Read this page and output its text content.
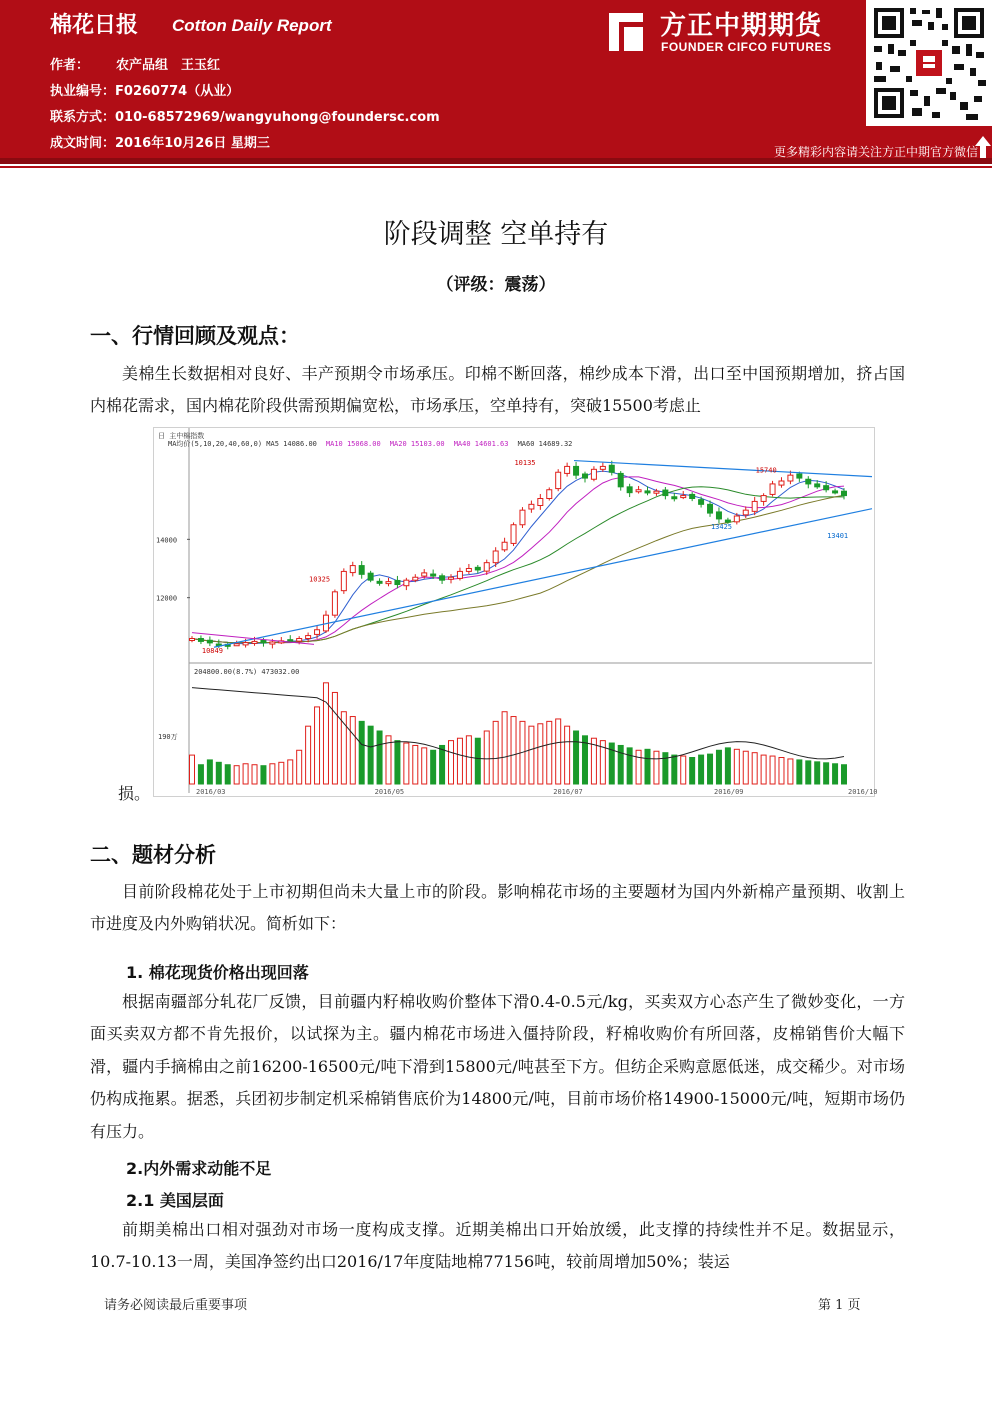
棉花日报 Cotton Daily Report
作者： 农产品组　王玉红
执业编号：F0260774（从业）
联系方式：010-68572969/wangyuhong@foundersc.com
成文时间：2016年10月26日 星期三
方正中期期货
FOUNDER CIFCO FUTURES
更多精彩内容请关注方正中期官方微信
阶段调整 空单持有
（评级：震荡）
一、行情回顾及观点：
美棉生长数据相对良好、丰产预期令市场承压。印棉不断回落，棉纱成本下滑，出口至中国预期增加，挤占国内棉花需求，国内棉花阶段供需预期偏宽松，市场承压，空单持有，突破15500考虑止
日 主中棉指数
MA均价(5,10,20,40,60,0) MA5 14086.00 MA10 15068.00 MA20 15103.00 MA40 14601.63 MA60 14689.32
204800.00(8.7%) 473032.00
14000
12000
190万
10325
10135
15740
13425
13401
10849
2016/03	2016/05	2016/07	2016/09	2016/10
损。
二、题材分析
目前阶段棉花处于上市初期但尚未大量上市的阶段。影响棉花市场的主要题材为国内外新棉产量预期、收割上市进度及内外购销状况。简析如下：
1. 棉花现货价格出现回落
根据南疆部分轧花厂反馈，目前疆内籽棉收购价整体下滑0.4-0.5元/kg，买卖双方心态产生了微妙变化，一方面买卖双方都不肯先报价，以试探为主。疆内棉花市场进入僵持阶段，籽棉收购价有所回落，皮棉销售价大幅下滑，疆内手摘棉由之前16200-16500元/吨下滑到15800元/吨甚至下方。但纺企采购意愿低迷，成交稀少。对市场仍构成拖累。据悉，兵团初步制定机采棉销售底价为14800元/吨，目前市场价格14900-15000元/吨，短期市场仍有压力。
2.内外需求动能不足
2.1 美国层面
前期美棉出口相对强劲对市场一度构成支撑。近期美棉出口开始放缓，此支撑的持续性并不足。数据显示，10.7-10.13一周，美国净签约出口2016/17年度陆地棉77156吨，较前周增加50%；装运
请务必阅读最后重要事项	第 1 页
